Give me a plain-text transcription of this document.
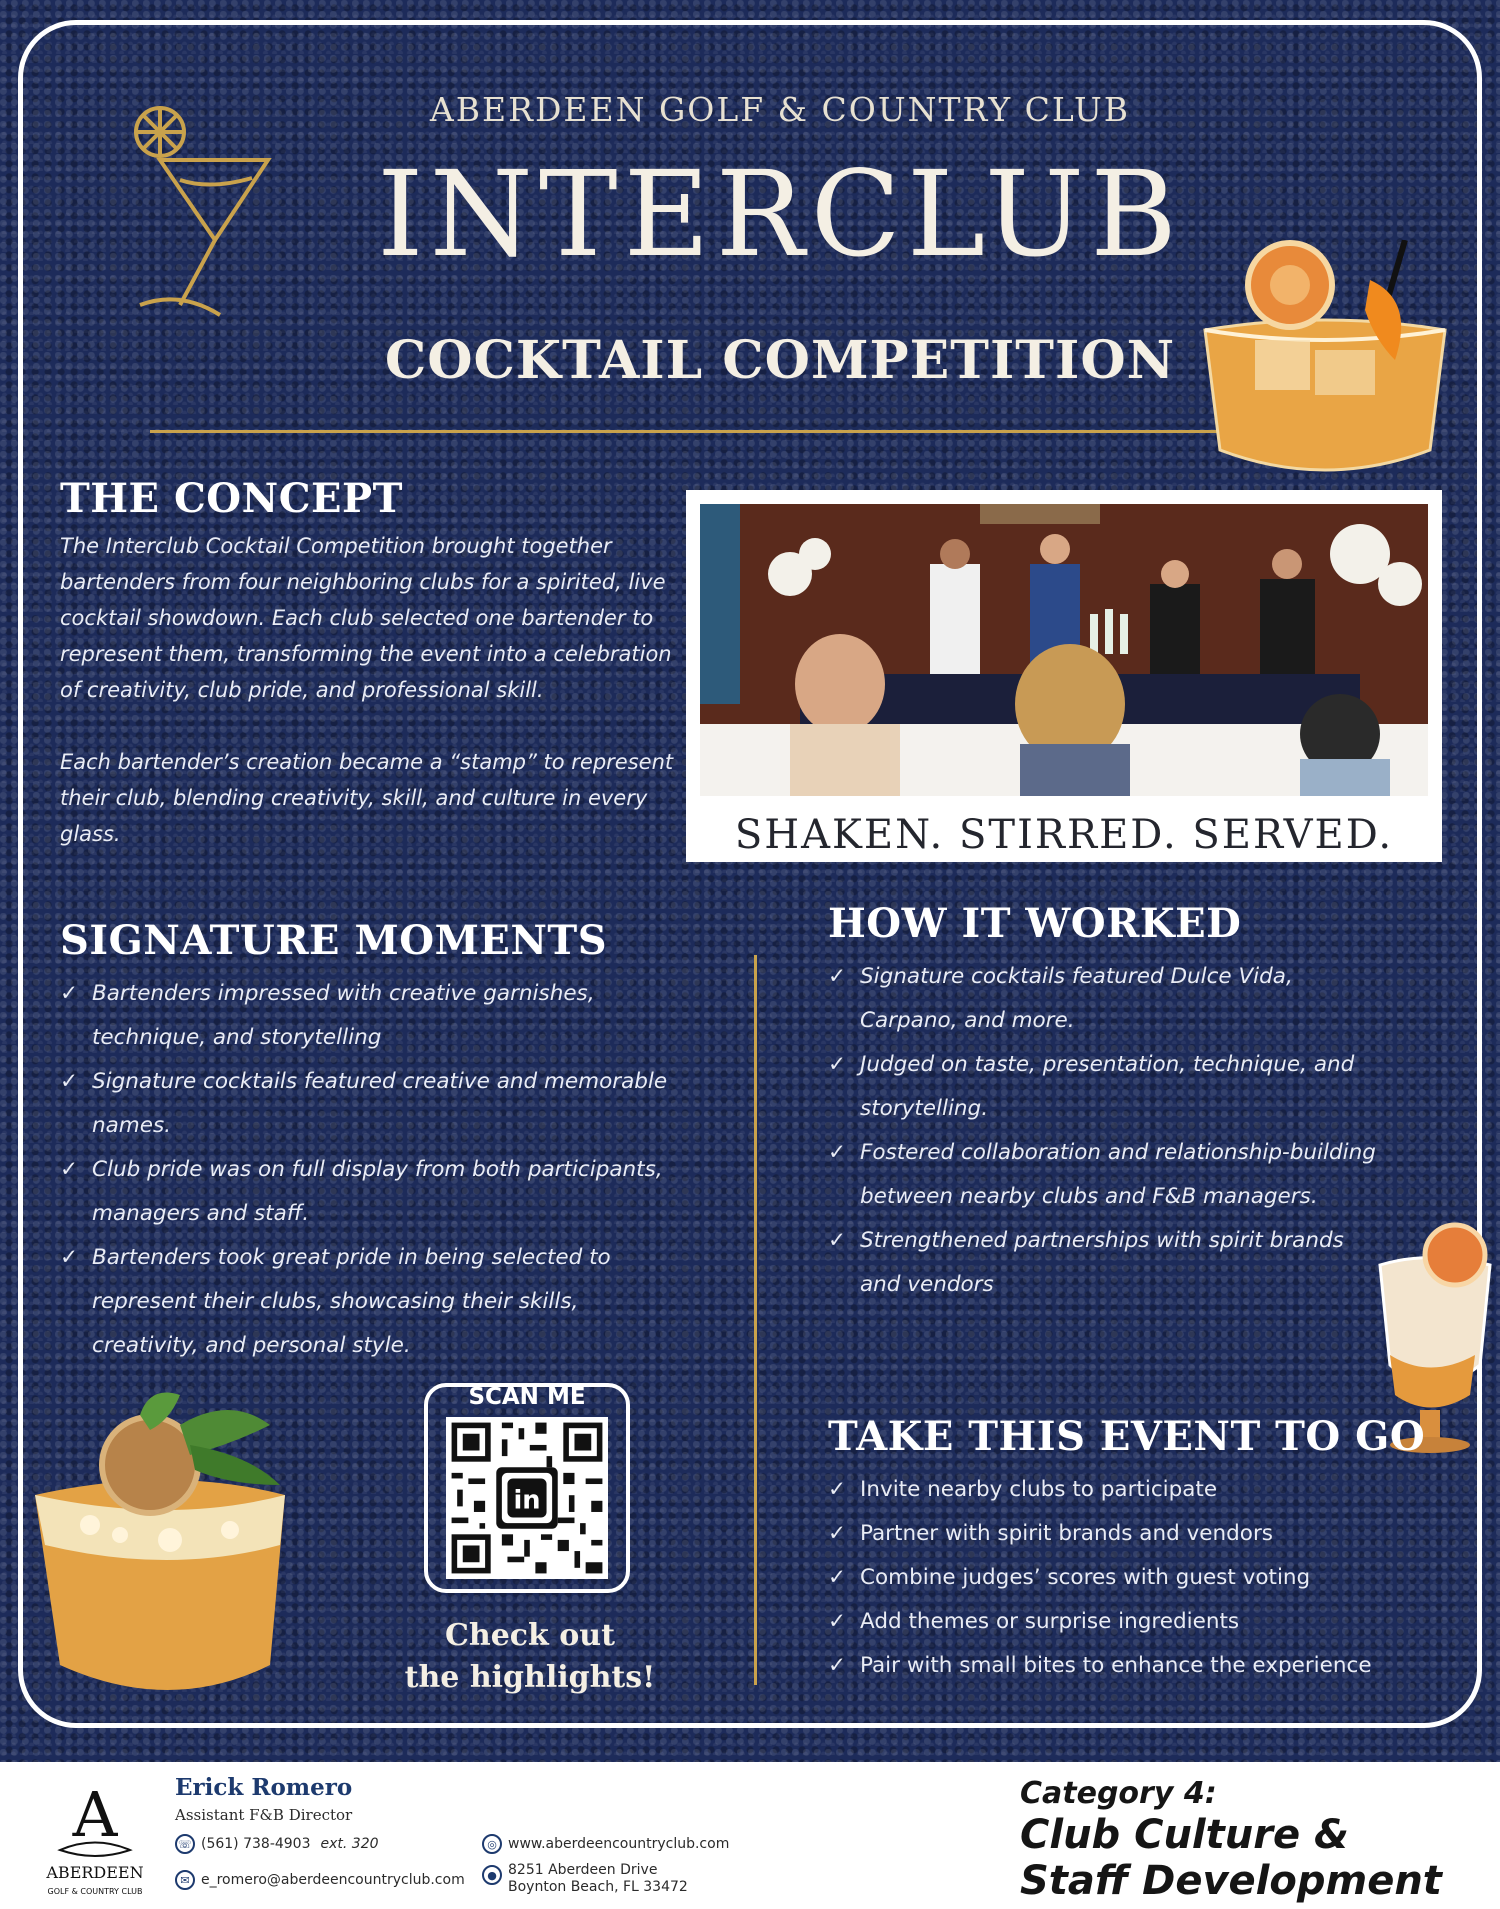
ABERDEEN GOLF & COUNTRY CLUB
INTERCLUB
COCKTAIL COMPETITION
THE CONCEPT

The Interclub Cocktail Competition brought together bartenders from four neighboring clubs for a spirited, live cocktail showdown. Each club selected one bartender to represent them, transforming the event into a celebration of creativity, club pride, and professional skill.

Each bartender’s creation became a “stamp” to represent their club, blending creativity, skill, and culture in every glass.	SHAKEN. STIRRED. SERVED.
SIGNATURE MOMENTS
✓ Bartenders impressed with creative garnishes, technique, and storytelling
✓ Signature cocktails featured creative and memorable names.
✓ Club pride was on full display from both participants, managers and staff.
✓ Bartenders took great pride in being selected to represent their clubs, showcasing their skills, creativity, and personal style.
HOW IT WORKED
✓ Signature cocktails featured Dulce Vida, Carpano, and more.
✓ Judged on taste, presentation, technique, and storytelling.
✓ Fostered collaboration and relationship-building between nearby clubs and F&B managers.
✓ Strengthened partnerships with spirit brands and vendors
SCAN ME
in
Check out
the highlights!
TAKE THIS EVENT TO GO
✓ Invite nearby clubs to participate
✓ Partner with spirit brands and vendors
✓ Combine judges’ scores with guest voting
✓ Add themes or surprise ingredients
✓ Pair with small bites to enhance the experience
A
ABERDEEN
GOLF & COUNTRY CLUB
Erick Romero
Assistant F&B Director
☏ (561) 738-4903 ext. 320
✉ e_romero@aberdeencountryclub.com
◎ www.aberdeencountryclub.com
● 8251 Aberdeen Drive
Boynton Beach, FL 33472
Category 4:
Club Culture &
Staff Development
